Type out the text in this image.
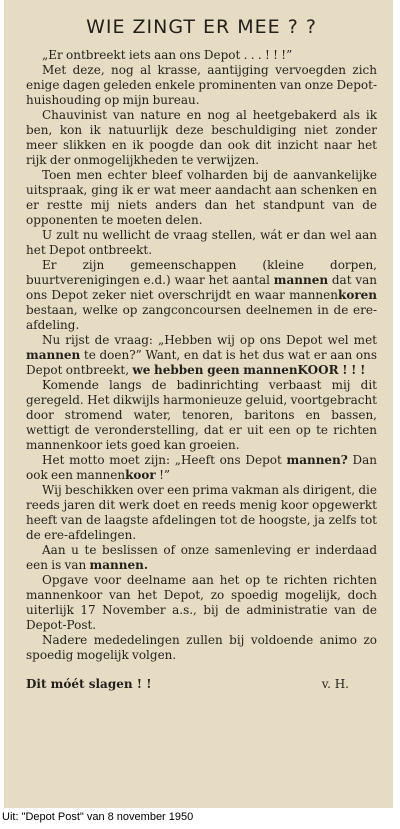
WIE ZINGT ER MEE ? ?

„Er ontbreekt iets aan ons Depot . . . ! ! !”

Met deze, nog al krasse, aantijging vervoegden zich enige dagen geleden enkele prominenten van onze Depot-huishouding op mijn bureau.

Chauvinist van nature en nog al heetgebakerd als ik ben, kon ik natuurlijk deze beschuldiging niet zonder meer slikken en ik poogde dan ook dit inzicht naar het rijk der onmogelijkheden te verwijzen.

Toen men echter bleef volharden bij de aanvankelijke uitspraak, ging ik er wat meer aandacht aan schenken en er restte mij niets anders dan het standpunt van de opponenten te moeten delen.

U zult nu wellicht de vraag stellen, wát er dan wel aan het Depot ontbreekt.

Er zijn gemeenschappen (kleine dorpen, buurtverenigingen e.d.) waar het aantal mannen dat van ons Depot zeker niet overschrijdt en waar mannenkoren bestaan, welke op zangconcoursen deelnemen in de ere-afdeling.

Nu rijst de vraag: „Hebben wij op ons Depot wel met mannen te doen?” Want, en dat is het dus wat er aan ons Depot ontbreekt, we hebben geen mannenKOOR ! ! !

Komende langs de badinrichting verbaast mij dit geregeld. Het dikwijls harmonieuze geluid, voortgebracht door stromend water, tenoren, baritons en bassen, wettigt de veronderstelling, dat er uit een op te richten mannenkoor iets goed kan groeien.

Het motto moet zijn: „Heeft ons Depot mannen? Dan ook een mannenkoor !”

Wij beschikken over een prima vakman als dirigent, die reeds jaren dit werk doet en reeds menig koor opgewerkt heeft van de laagste afdelingen tot de hoogste, ja zelfs tot de ere-afdelingen.

Aan u te beslissen of onze samenleving er inderdaad een is van mannen.

Opgave voor deelname aan het op te richten richten mannenkoor van het Depot, zo spoedig mogelijk, doch uiterlijk 17 November a.s., bij de administratie van de Depot-Post.

Nadere mededelingen zullen bij voldoende animo zo spoedig mogelijk volgen.

Dit móét slagen ! !	v. H.
Uit: "Depot Post" van 8 november 1950
